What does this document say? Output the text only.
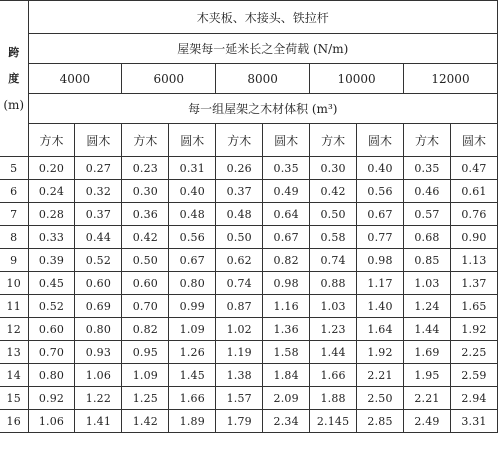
跨
度
(m)	木夹板、木接头、铁拉杆									
	屋架每一延米长之全荷载 (N/m)									
	4000		6000		8000		10000		12000	
	每一组屋架之木材体积 (m³)									
	方木	圆木	方木	圆木	方木	圆木	方木	圆木	方木	圆木
5	0.20	0.27	0.23	0.31	0.26	0.35	0.30	0.40	0.35	0.47
6	0.24	0.32	0.30	0.40	0.37	0.49	0.42	0.56	0.46	0.61
7	0.28	0.37	0.36	0.48	0.48	0.64	0.50	0.67	0.57	0.76
8	0.33	0.44	0.42	0.56	0.50	0.67	0.58	0.77	0.68	0.90
9	0.39	0.52	0.50	0.67	0.62	0.82	0.74	0.98	0.85	1.13
10	0.45	0.60	0.60	0.80	0.74	0.98	0.88	1.17	1.03	1.37
11	0.52	0.69	0.70	0.99	0.87	1.16	1.03	1.40	1.24	1.65
12	0.60	0.80	0.82	1.09	1.02	1.36	1.23	1.64	1.44	1.92
13	0.70	0.93	0.95	1.26	1.19	1.58	1.44	1.92	1.69	2.25
14	0.80	1.06	1.09	1.45	1.38	1.84	1.66	2.21	1.95	2.59
15	0.92	1.22	1.25	1.66	1.57	2.09	1.88	2.50	2.21	2.94
16	1.06	1.41	1.42	1.89	1.79	2.34	2.145	2.85	2.49	3.31
